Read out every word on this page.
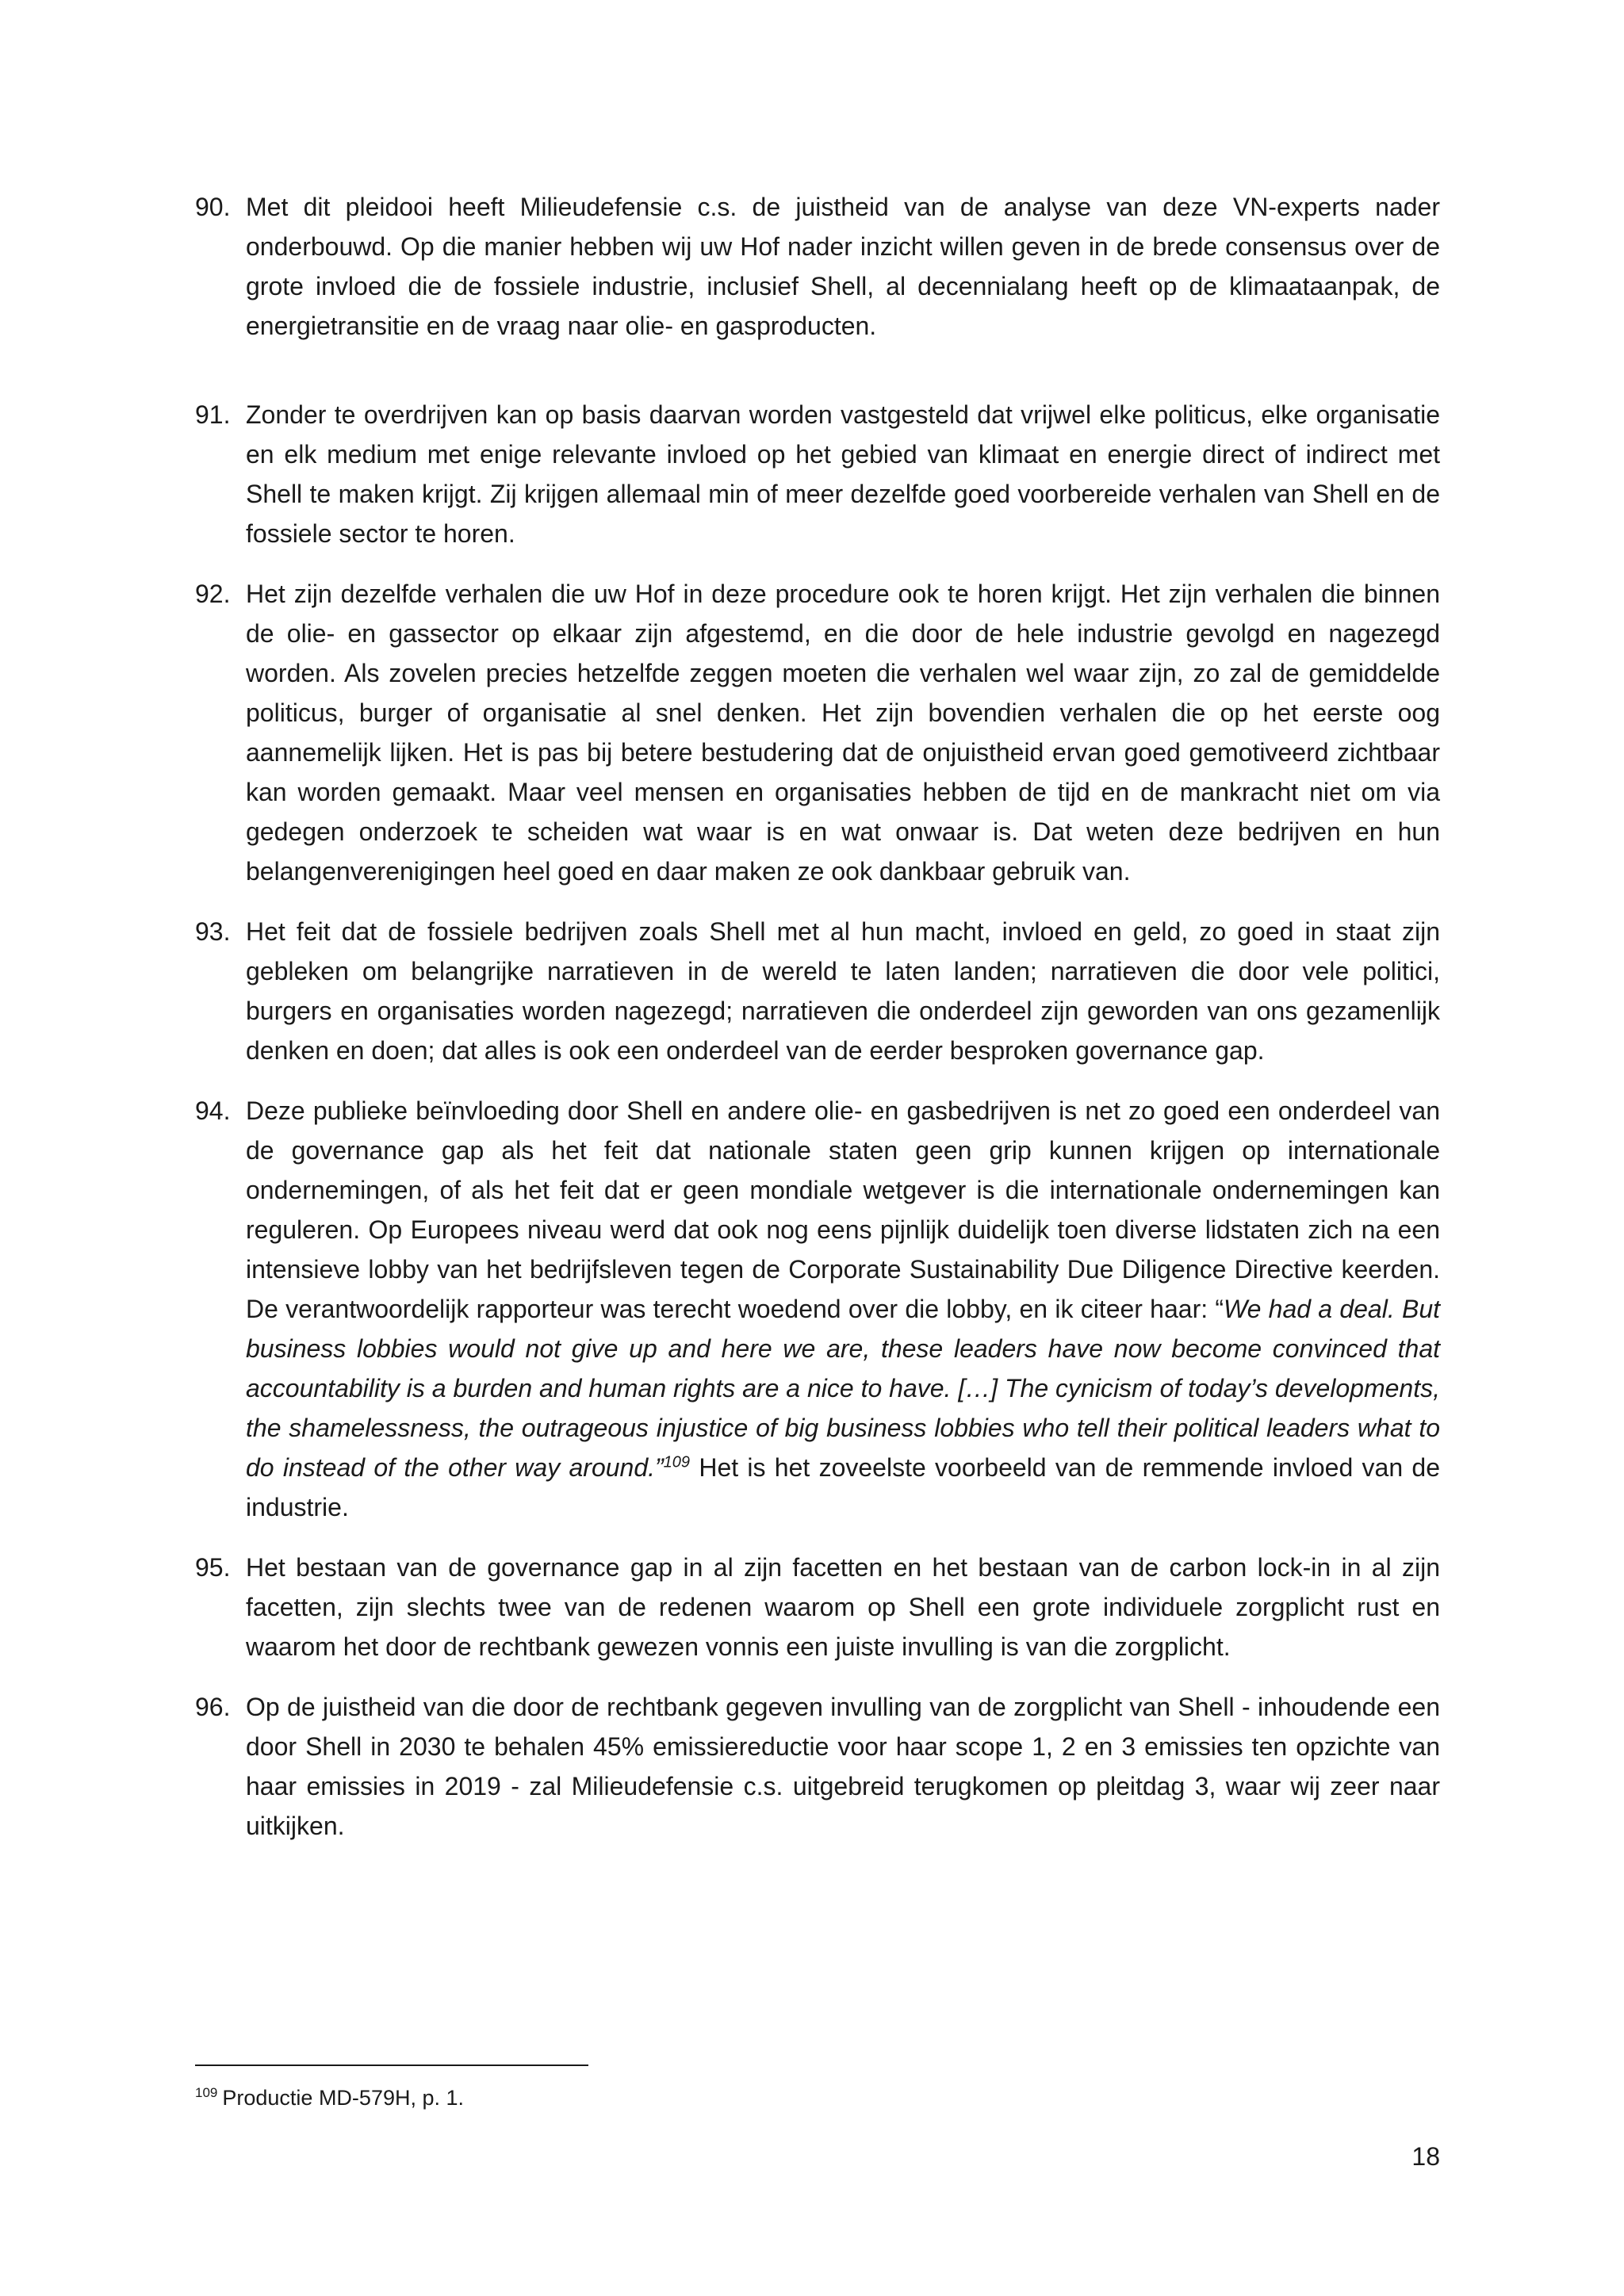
90. Met dit pleidooi heeft Milieudefensie c.s. de juistheid van de analyse van deze VN-experts nader onderbouwd. Op die manier hebben wij uw Hof nader inzicht willen geven in de brede consensus over de grote invloed die de fossiele industrie, inclusief Shell, al decennialang heeft op de klimaataanpak, de energietransitie en de vraag naar olie- en gasproducten.
91. Zonder te overdrijven kan op basis daarvan worden vastgesteld dat vrijwel elke politicus, elke organisatie en elk medium met enige relevante invloed op het gebied van klimaat en energie direct of indirect met Shell te maken krijgt. Zij krijgen allemaal min of meer dezelfde goed voorbereide verhalen van Shell en de fossiele sector te horen.
92. Het zijn dezelfde verhalen die uw Hof in deze procedure ook te horen krijgt. Het zijn verhalen die binnen de olie- en gassector op elkaar zijn afgestemd, en die door de hele industrie gevolgd en nagezegd worden. Als zovelen precies hetzelfde zeggen moeten die verhalen wel waar zijn, zo zal de gemiddelde politicus, burger of organisatie al snel denken. Het zijn bovendien verhalen die op het eerste oog aannemelijk lijken. Het is pas bij betere bestudering dat de onjuistheid ervan goed gemotiveerd zichtbaar kan worden gemaakt. Maar veel mensen en organisaties hebben de tijd en de mankracht niet om via gedegen onderzoek te scheiden wat waar is en wat onwaar is. Dat weten deze bedrijven en hun belangenverenigingen heel goed en daar maken ze ook dankbaar gebruik van.
93. Het feit dat de fossiele bedrijven zoals Shell met al hun macht, invloed en geld, zo goed in staat zijn gebleken om belangrijke narratieven in de wereld te laten landen; narratieven die door vele politici, burgers en organisaties worden nagezegd; narratieven die onderdeel zijn geworden van ons gezamenlijk denken en doen; dat alles is ook een onderdeel van de eerder besproken governance gap.
94. Deze publieke beïnvloeding door Shell en andere olie- en gasbedrijven is net zo goed een onderdeel van de governance gap als het feit dat nationale staten geen grip kunnen krijgen op internationale ondernemingen, of als het feit dat er geen mondiale wetgever is die internationale ondernemingen kan reguleren. Op Europees niveau werd dat ook nog eens pijnlijk duidelijk toen diverse lidstaten zich na een intensieve lobby van het bedrijfsleven tegen de Corporate Sustainability Due Diligence Directive keerden. De verantwoordelijk rapporteur was terecht woedend over die lobby, en ik citeer haar: “We had a deal. But business lobbies would not give up and here we are, these leaders have now become convinced that accountability is a burden and human rights are a nice to have. […] The cynicism of today’s developments, the shamelessness, the outrageous injustice of big business lobbies who tell their political leaders what to do instead of the other way around.”$^{109}$ Het is het zoveelste voorbeeld van de remmende invloed van de industrie.
95. Het bestaan van de governance gap in al zijn facetten en het bestaan van de carbon lock-in in al zijn facetten, zijn slechts twee van de redenen waarom op Shell een grote individuele zorgplicht rust en waarom het door de rechtbank gewezen vonnis een juiste invulling is van die zorgplicht.
96. Op de juistheid van die door de rechtbank gegeven invulling van de zorgplicht van Shell - inhoudende een door Shell in 2030 te behalen 45% emissiereductie voor haar scope 1, 2 en 3 emissies ten opzichte van haar emissies in 2019 - zal Milieudefensie c.s. uitgebreid terugkomen op pleitdag 3, waar wij zeer naar uitkijken.
$^{109}$ Productie MD-579H, p. 1.
18
